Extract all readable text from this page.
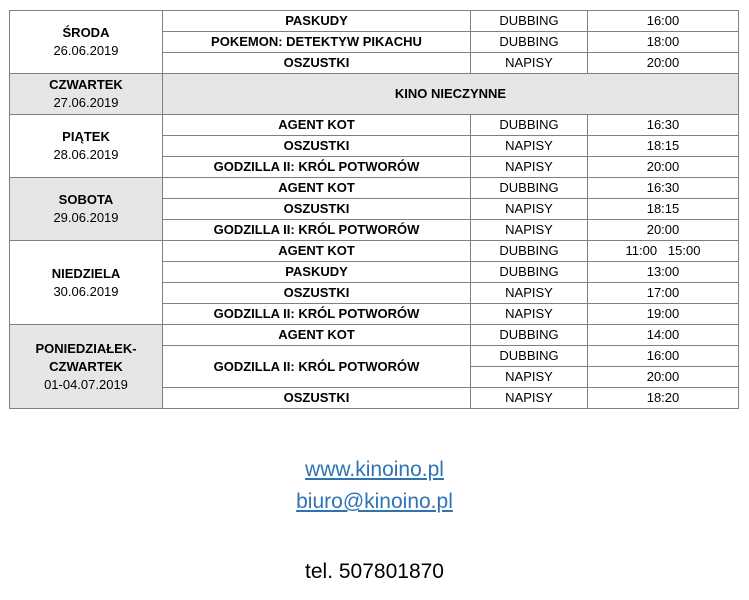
ŚRODA
26.06.2019	PASKUDY	DUBBING	16:00
	POKEMON: DETEKTYW PIKACHU	DUBBING	18:00
	OSZUSTKI	NAPISY	20:00

CZWARTEK
27.06.2019	KINO NIECZYNNE		

PIĄTEK
28.06.2019	AGENT KOT	DUBBING	16:30
	OSZUSTKI	NAPISY	18:15
	GODZILLA II: KRÓL POTWORÓW	NAPISY	20:00

SOBOTA
29.06.2019	AGENT KOT	DUBBING	16:30
	OSZUSTKI	NAPISY	18:15
	GODZILLA II: KRÓL POTWORÓW	NAPISY	20:00

NIEDZIELA
30.06.2019	AGENT KOT	DUBBING	11:00   15:00
	PASKUDY	DUBBING	13:00
	OSZUSTKI	NAPISY	17:00
	GODZILLA II: KRÓL POTWORÓW	NAPISY	19:00

PONIEDZIAŁEK-CZWARTEK
01-04.07.2019	AGENT KOT	DUBBING	14:00
	GODZILLA II: KRÓL POTWORÓW	DUBBING	16:00
		NAPISY	20:00
	OSZUSTKI	NAPISY	18:20
www.kinoino.pl
biuro@kinoino.pl
tel. 507801870
